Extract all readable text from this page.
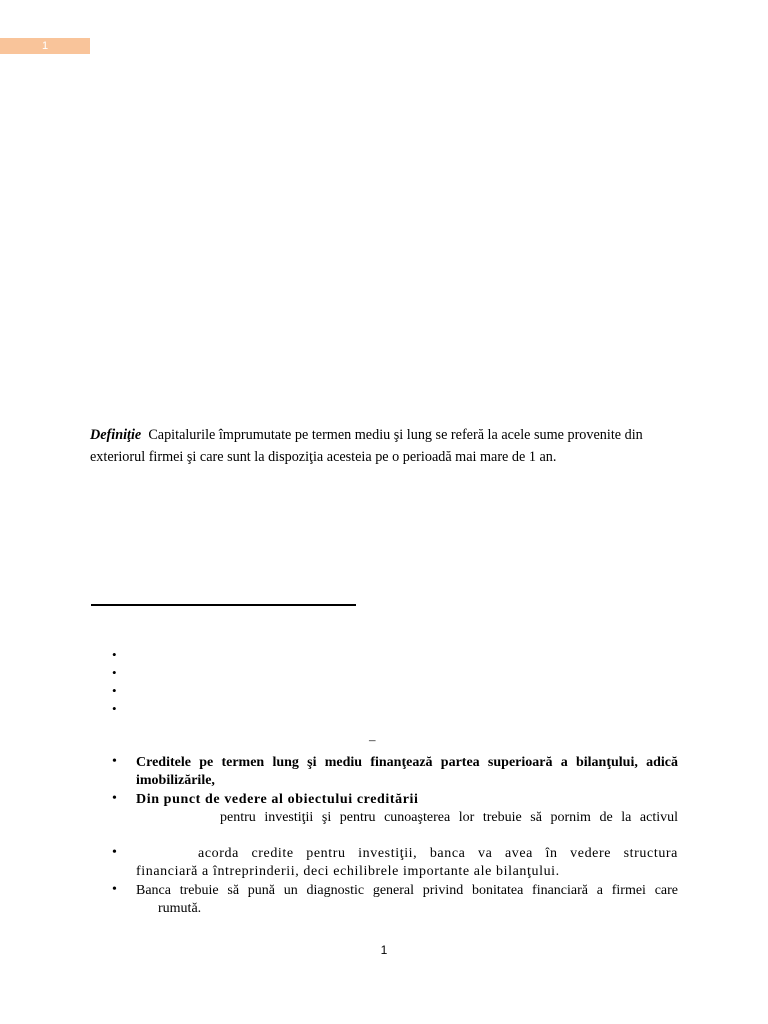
1

Definiţie Capitalurile împrumutate pe termen mediu şi lung se referă la acele sume provenite din exteriorul firmei şi care sunt la dispoziţia acesteia pe o perioadă mai mare de 1 an.

•
•
•
•
–
• Creditele pe termen lung şi mediu finanţează partea superioară a bilanţului, adică imobilizările,
• Din punct de vedere al obiectului creditării
pentru investiţii şi pentru cunoaşterea lor trebuie să pornim de la activul
•	acorda credite pentru investiţii, banca va avea în vedere structura
financiară a întreprinderii, deci echilibrele importante ale bilanţului.
• Banca trebuie să pună un diagnostic general privind bonitatea financiară a firmei care
rumută.
1
